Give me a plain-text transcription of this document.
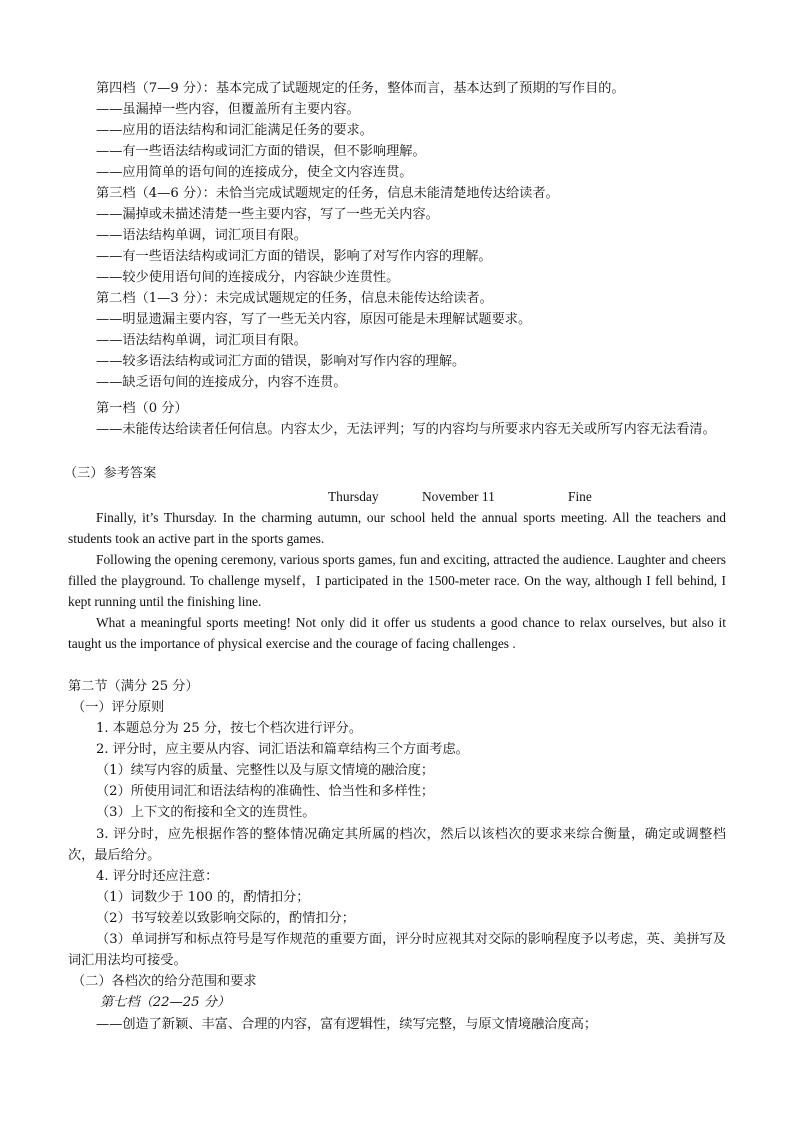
第四档（7—9 分）：基本完成了试题规定的任务，整体而言，基本达到了预期的写作目的。
——虽漏掉一些内容，但覆盖所有主要内容。
——应用的语法结构和词汇能满足任务的要求。
——有一些语法结构或词汇方面的错误，但不影响理解。
——应用简单的语句间的连接成分，使全文内容连贯。
第三档（4—6 分）：未恰当完成试题规定的任务，信息未能清楚地传达给读者。
——漏掉或未描述清楚一些主要内容，写了一些无关内容。
——语法结构单调，词汇项目有限。
——有一些语法结构或词汇方面的错误，影响了对写作内容的理解。
——较少使用语句间的连接成分，内容缺少连贯性。
第二档（1—3 分）：未完成试题规定的任务，信息未能传达给读者。
——明显遗漏主要内容，写了一些无关内容，原因可能是未理解试题要求。
——语法结构单调，词汇项目有限。
——较多语法结构或词汇方面的错误，影响对写作内容的理解。
——缺乏语句间的连接成分，内容不连贯。
第一档（0 分）
——未能传达给读者任何信息。内容太少，无法评判；写的内容均与所要求内容无关或所写内容无法看清。
（三）参考答案
Thursday	November 11	Fine
Finally, it’s Thursday. In the charming autumn, our school held the annual sports meeting. All the teachers and students took an active part in the sports games.
Following the opening ceremony, various sports games, fun and exciting, attracted the audience. Laughter and cheers filled the playground. To challenge myself，I participated in the 1500-meter race. On the way, although I fell behind, I kept running until the finishing line.
What a meaningful sports meeting! Not only did it offer us students a good chance to relax ourselves, but also it taught us the importance of physical exercise and the courage of facing challenges .
第二节（满分 25 分）
（一）评分原则
1. 本题总分为 25 分，按七个档次进行评分。
2. 评分时，应主要从内容、词汇语法和篇章结构三个方面考虑。
（1）续写内容的质量、完整性以及与原文情境的融洽度；
（2）所使用词汇和语法结构的准确性、恰当性和多样性；
（3）上下文的衔接和全文的连贯性。
3. 评分时，应先根据作答的整体情况确定其所属的档次，然后以该档次的要求来综合衡量，确定或调整档次，最后给分。
4. 评分时还应注意：
（1）词数少于 100 的，酌情扣分；
（2）书写较差以致影响交际的，酌情扣分；
（3）单词拼写和标点符号是写作规范的重要方面，评分时应视其对交际的影响程度予以考虑，英、美拼写及词汇用法均可接受。
（二）各档次的给分范围和要求
第七档（22—25 分）
——创造了新颖、丰富、合理的内容，富有逻辑性，续写完整，与原文情境融洽度高；
